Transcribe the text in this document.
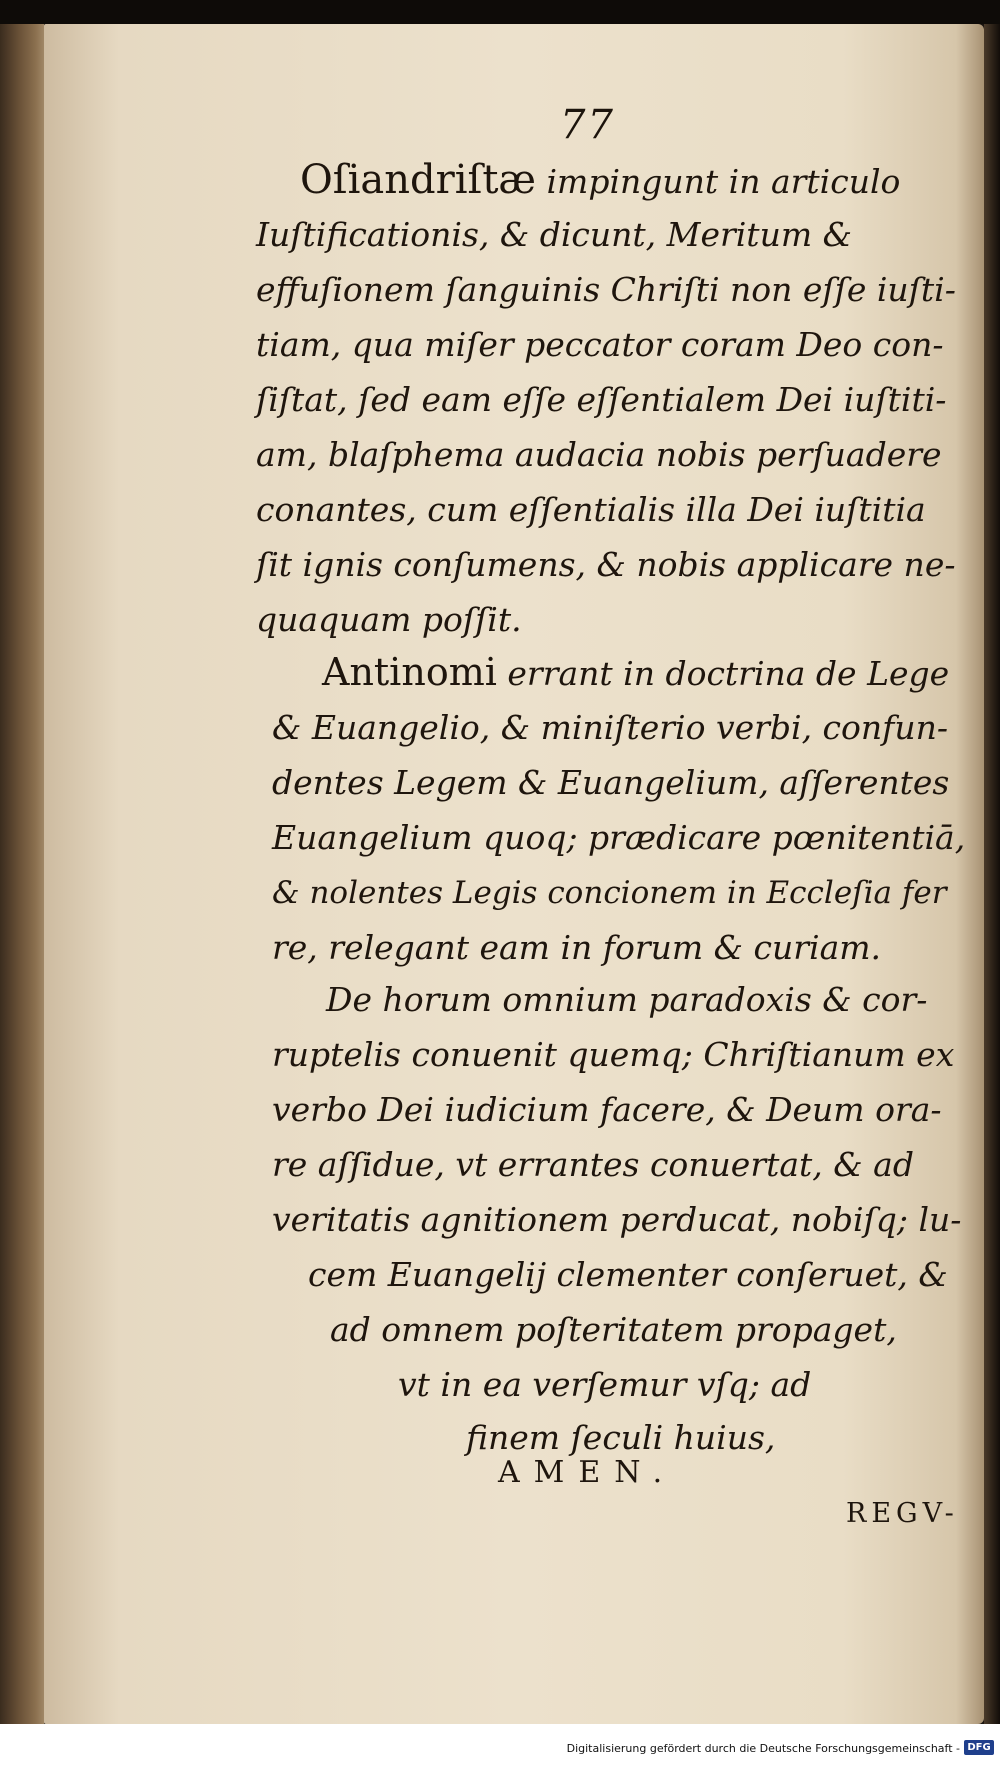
77
Oſiandriſtæ impingunt in articulo
Iuſtificationis, & dicunt, Meritum &
effuſionem ſanguinis Chriſti non eſſe iuſti-
tiam, qua miſer peccator coram Deo con-
ſiſtat, ſed eam eſſe eſſentialem Dei iuſtiti-
am, blaſphema audacia nobis perſuadere
conantes, cum eſſentialis illa Dei iuſtitia
ſit ignis conſumens, & nobis applicare ne-
quaquam poſſit.
Antinomi errant in doctrina de Lege
& Euangelio, & miniſterio verbi, confun-
dentes Legem & Euangelium, aſſerentes
Euangelium quoq; prædicare pœnitentiā,
& nolentes Legis concionem in Eccleſia fer
re, relegant eam in forum & curiam.
De horum omnium paradoxis & cor-
ruptelis conuenit quemq; Chriſtianum ex
verbo Dei iudicium facere, & Deum ora-
re aſſidue, vt errantes conuertat, & ad
veritatis agnitionem perducat, nobiſq; lu-
cem Euangelij clementer conſeruet, &
ad omnem poſteritatem propaget,
vt in ea verſemur vſq; ad
finem ſeculi huius,
AMEN.
REGV-
Digitalisierung gefördert durch die Deutsche Forschungsgemeinschaft - DFG
